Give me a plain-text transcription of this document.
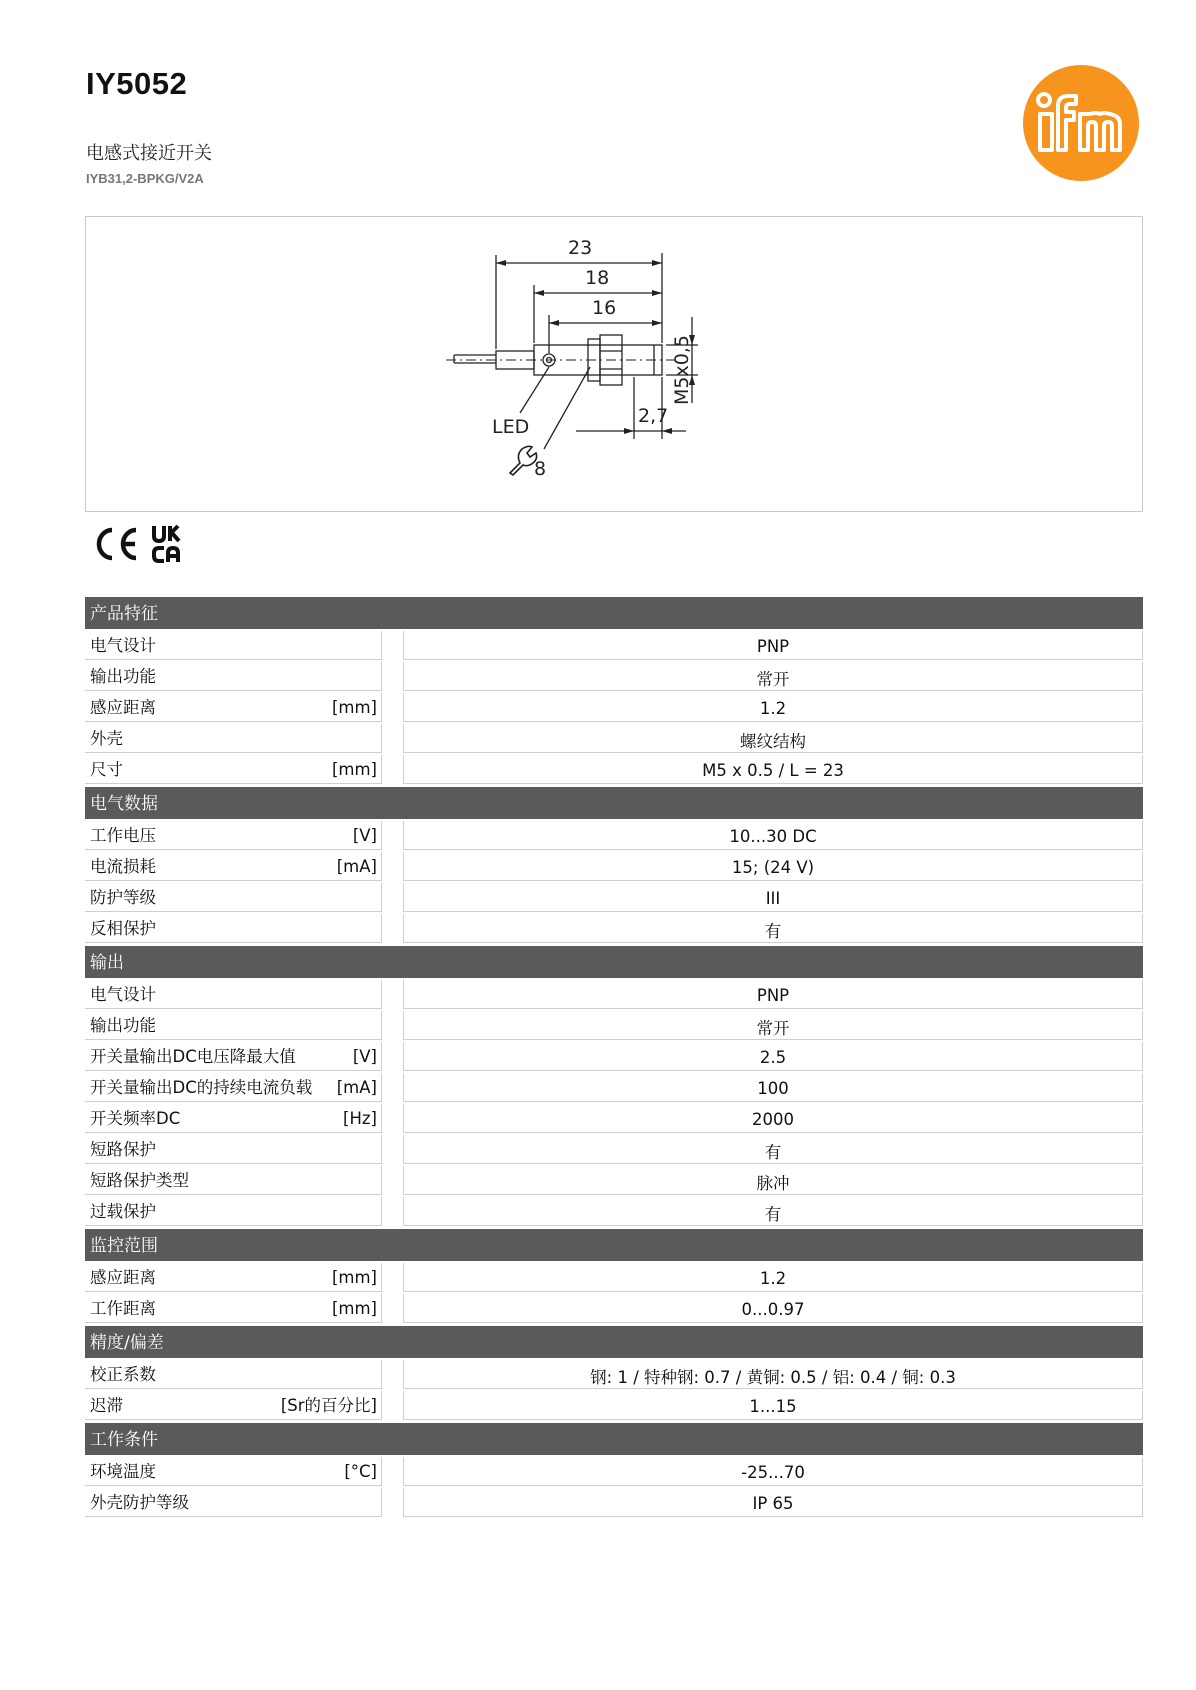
IY5052
电感式接近开关
IYB31,2-BPKG/V2A
23
18
16
2,7
M5x0,5
LED
8
产品特征
电气设计	PNP
输出功能	常开
感应距离	[mm]	1.2
外壳	螺纹结构
尺寸	[mm]	M5 x 0.5 / L = 23
电气数据
工作电压	[V]	10...30 DC
电流损耗	[mA]	15; (24 V)
防护等级	III
反相保护	有
输出
电气设计	PNP
输出功能	常开
开关量输出DC电压降最大值	[V]	2.5
开关量输出DC的持续电流负载	[mA]	100
开关频率DC	[Hz]	2000
短路保护	有
短路保护类型	脉冲
过载保护	有
监控范围
感应距离	[mm]	1.2
工作距离	[mm]	0...0.97
精度/偏差
校正系数	钢: 1 / 特种钢: 0.7 / 黄铜: 0.5 / 铝: 0.4 / 铜: 0.3
迟滞	[Sr的百分比]	1...15
工作条件
环境温度	[°C]	-25...70
外壳防护等级	IP 65
